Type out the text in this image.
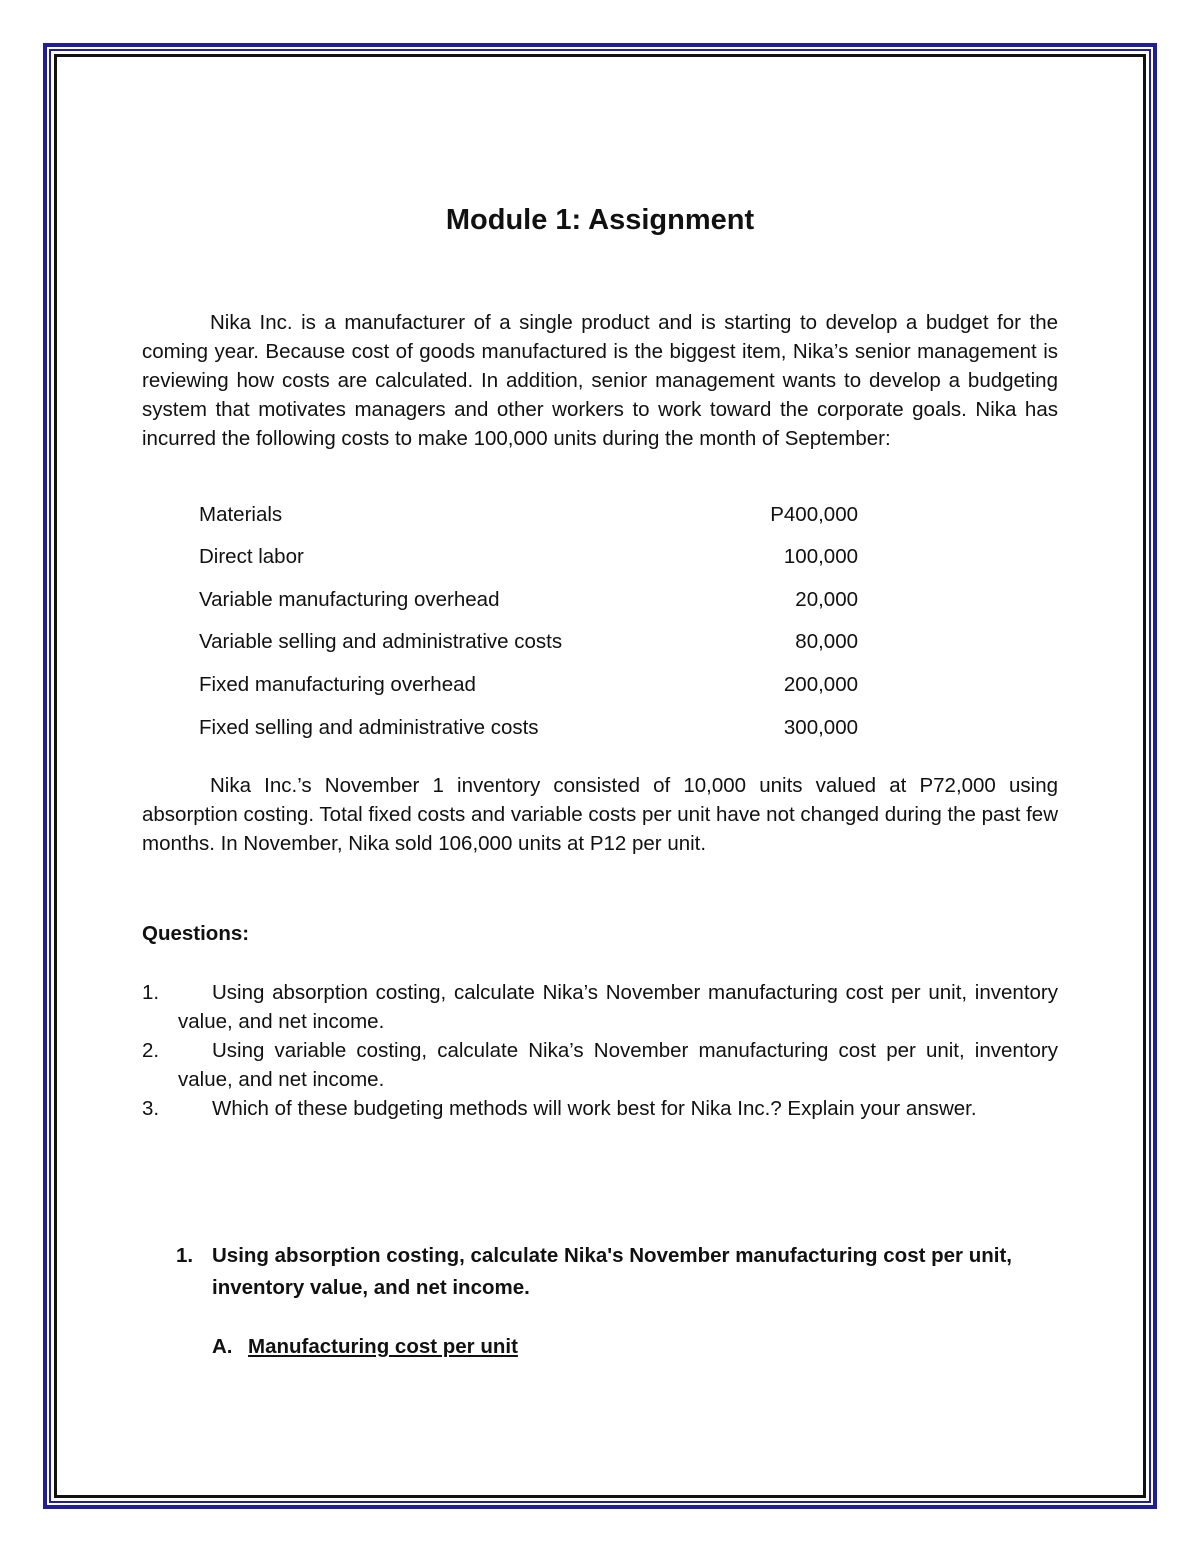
Module 1: Assignment

Nika Inc. is a manufacturer of a single product and is starting to develop a budget for the coming year. Because cost of goods manufactured is the biggest item, Nika’s senior management is reviewing how costs are calculated. In addition, senior management wants to develop a budgeting system that motivates managers and other workers to work toward the corporate goals. Nika has incurred the following costs to make 100,000 units during the month of September:

Materials	P400,000
Direct labor	100,000
Variable manufacturing overhead	20,000
Variable selling and administrative costs	80,000
Fixed manufacturing overhead	200,000
Fixed selling and administrative costs	300,000

Nika Inc.’s November 1 inventory consisted of 10,000 units valued at P72,000 using absorption costing. Total fixed costs and variable costs per unit have not changed during the past few months. In November, Nika sold 106,000 units at P12 per unit.

Questions:
1.	Using absorption costing, calculate Nika’s November manufacturing cost per unit, inventory value, and net income.
2.	Using variable costing, calculate Nika’s November manufacturing cost per unit, inventory value, and net income.
3.	Which of these budgeting methods will work best for Nika Inc.? Explain your answer.
1. Using absorption costing, calculate Nika's November manufacturing cost per unit, inventory value, and net income.
A. Manufacturing cost per unit
